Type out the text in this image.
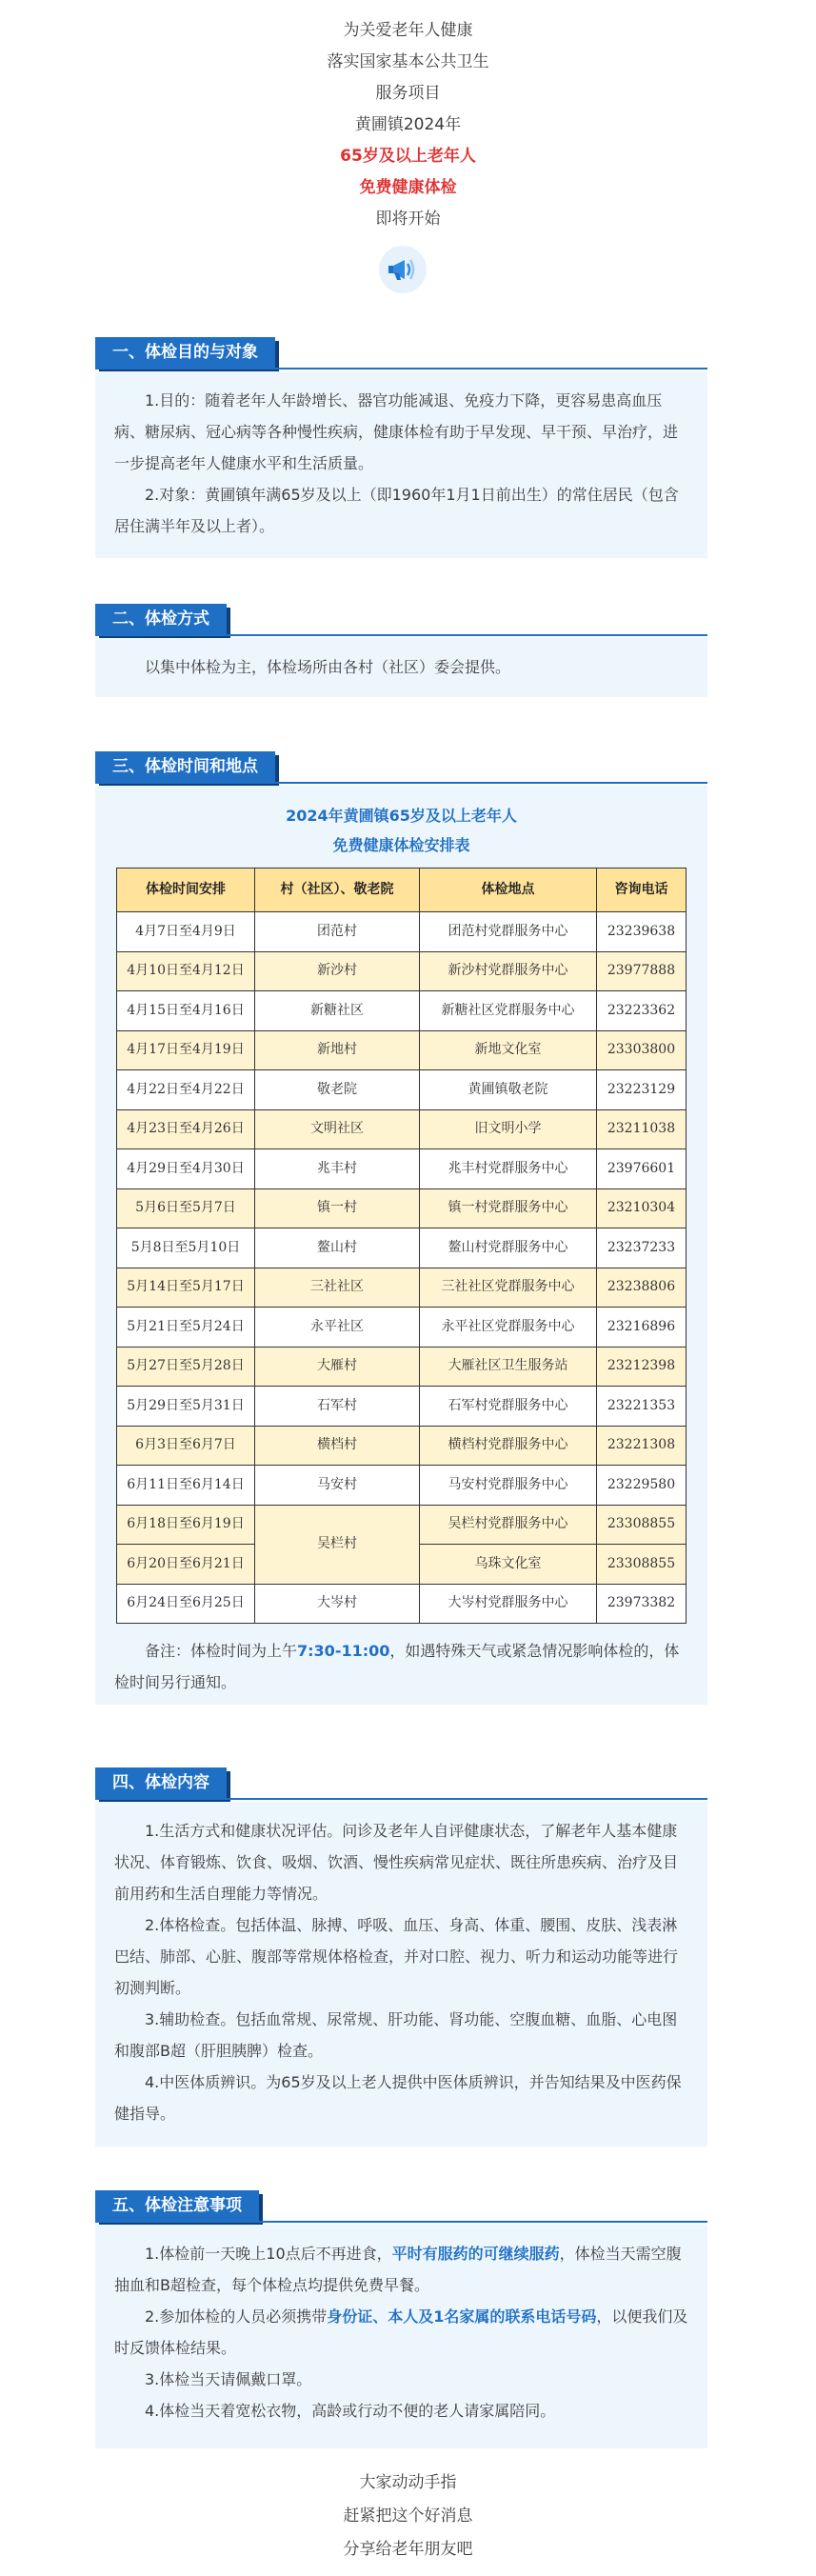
为关爱老年人健康
落实国家基本公共卫生
服务项目
黄圃镇2024年
65岁及以上老年人
免费健康体检
即将开始
一、体检目的与对象

1.目的：随着老年人年龄增长、器官功能减退、免疫力下降，更容易患高血压病、糖尿病、冠心病等各种慢性疾病，健康体检有助于早发现、早干预、早治疗，进一步提高老年人健康水平和生活质量。

2.对象：黄圃镇年满65岁及以上（即1960年1月1日前出生）的常住居民（包含居住满半年及以上者）。

二、体检方式

以集中体检为主，体检场所由各村（社区）委会提供。

三、体检时间和地点
2024年黄圃镇65岁及以上老年人
免费健康体检安排表
体检时间安排	村（社区）、敬老院	体检地点	咨询电话
4月7日至4月9日	团范村	团范村党群服务中心	23239638
4月10日至4月12日	新沙村	新沙村党群服务中心	23977888
4月15日至4月16日	新糖社区	新糖社区党群服务中心	23223362
4月17日至4月19日	新地村	新地文化室	23303800
4月22日至4月22日	敬老院	黄圃镇敬老院	23223129
4月23日至4月26日	文明社区	旧文明小学	23211038
4月29日至4月30日	兆丰村	兆丰村党群服务中心	23976601
5月6日至5月7日	镇一村	镇一村党群服务中心	23210304
5月8日至5月10日	鳌山村	鳌山村党群服务中心	23237233
5月14日至5月17日	三社社区	三社社区党群服务中心	23238806
5月21日至5月24日	永平社区	永平社区党群服务中心	23216896
5月27日至5月28日	大雁村	大雁社区卫生服务站	23212398
5月29日至5月31日	石军村	石军村党群服务中心	23221353
6月3日至6月7日	横档村	横档村党群服务中心	23221308
6月11日至6月14日	马安村	马安村党群服务中心	23229580
6月18日至6月19日	吴栏村	吴栏村党群服务中心	23308855
6月20日至6月21日		乌珠文化室	23308855
6月24日至6月25日	大岑村	大岑村党群服务中心	23973382

备注：体检时间为上午7:30-11:00，如遇特殊天气或紧急情况影响体检的，体检时间另行通知。

四、体检内容

1.生活方式和健康状况评估。问诊及老年人自评健康状态，了解老年人基本健康状况、体育锻炼、饮食、吸烟、饮酒、慢性疾病常见症状、既往所患疾病、治疗及目前用药和生活自理能力等情况。

2.体格检查。包括体温、脉搏、呼吸、血压、身高、体重、腰围、皮肤、浅表淋巴结、肺部、心脏、腹部等常规体格检查，并对口腔、视力、听力和运动功能等进行初测判断。

3.辅助检查。包括血常规、尿常规、肝功能、肾功能、空腹血糖、血脂、心电图和腹部B超（肝胆胰脾）检查。

4.中医体质辨识。为65岁及以上老人提供中医体质辨识，并告知结果及中医药保健指导。

五、体检注意事项

1.体检前一天晚上10点后不再进食，平时有服药的可继续服药，体检当天需空腹抽血和B超检查，每个体检点均提供免费早餐。

2.参加体检的人员必须携带身份证、本人及1名家属的联系电话号码，以便我们及时反馈体检结果。

3.体检当天请佩戴口罩。

4.体检当天着宽松衣物，高龄或行动不便的老人请家属陪同。

大家动动手指
赶紧把这个好消息
分享给老年朋友吧
